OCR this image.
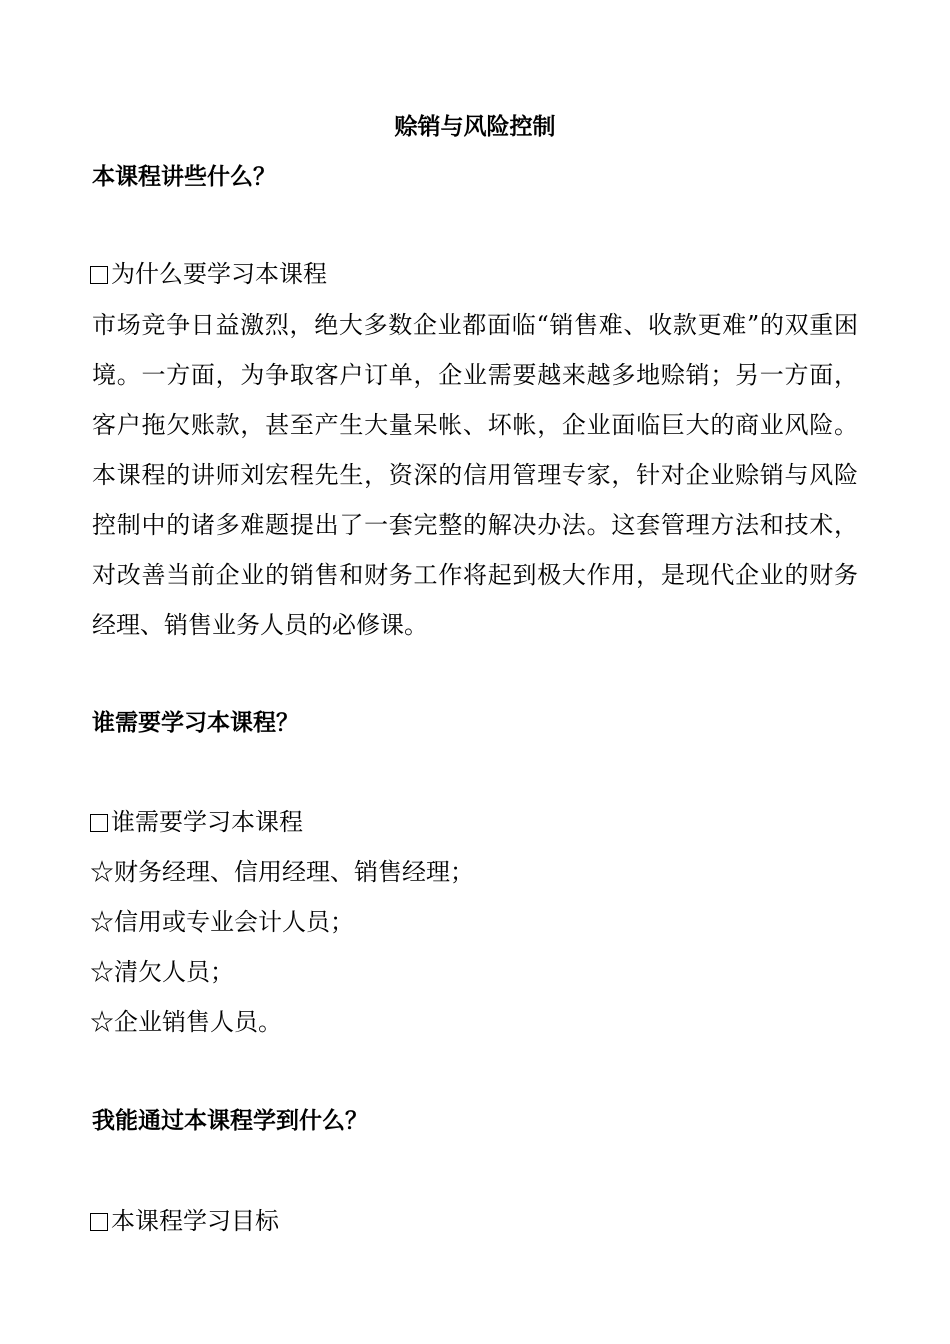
赊销与风险控制
本课程讲些什么？
为什么要学习本课程
市场竞争日益激烈，绝大多数企业都面临“销售难、收款更难”的双重困境。一方面，为争取客户订单，企业需要越来越多地赊销；另一方面，客户拖欠账款，甚至产生大量呆帐、坏帐，企业面临巨大的商业风险。本课程的讲师刘宏程先生，资深的信用管理专家，针对企业赊销与风险控制中的诸多难题提出了一套完整的解决办法。这套管理方法和技术，对改善当前企业的销售和财务工作将起到极大作用，是现代企业的财务经理、销售业务人员的必修课。
谁需要学习本课程？
谁需要学习本课程
☆财务经理、信用经理、销售经理；
☆信用或专业会计人员；
☆清欠人员；
☆企业销售人员。
我能通过本课程学到什么？
本课程学习目标
